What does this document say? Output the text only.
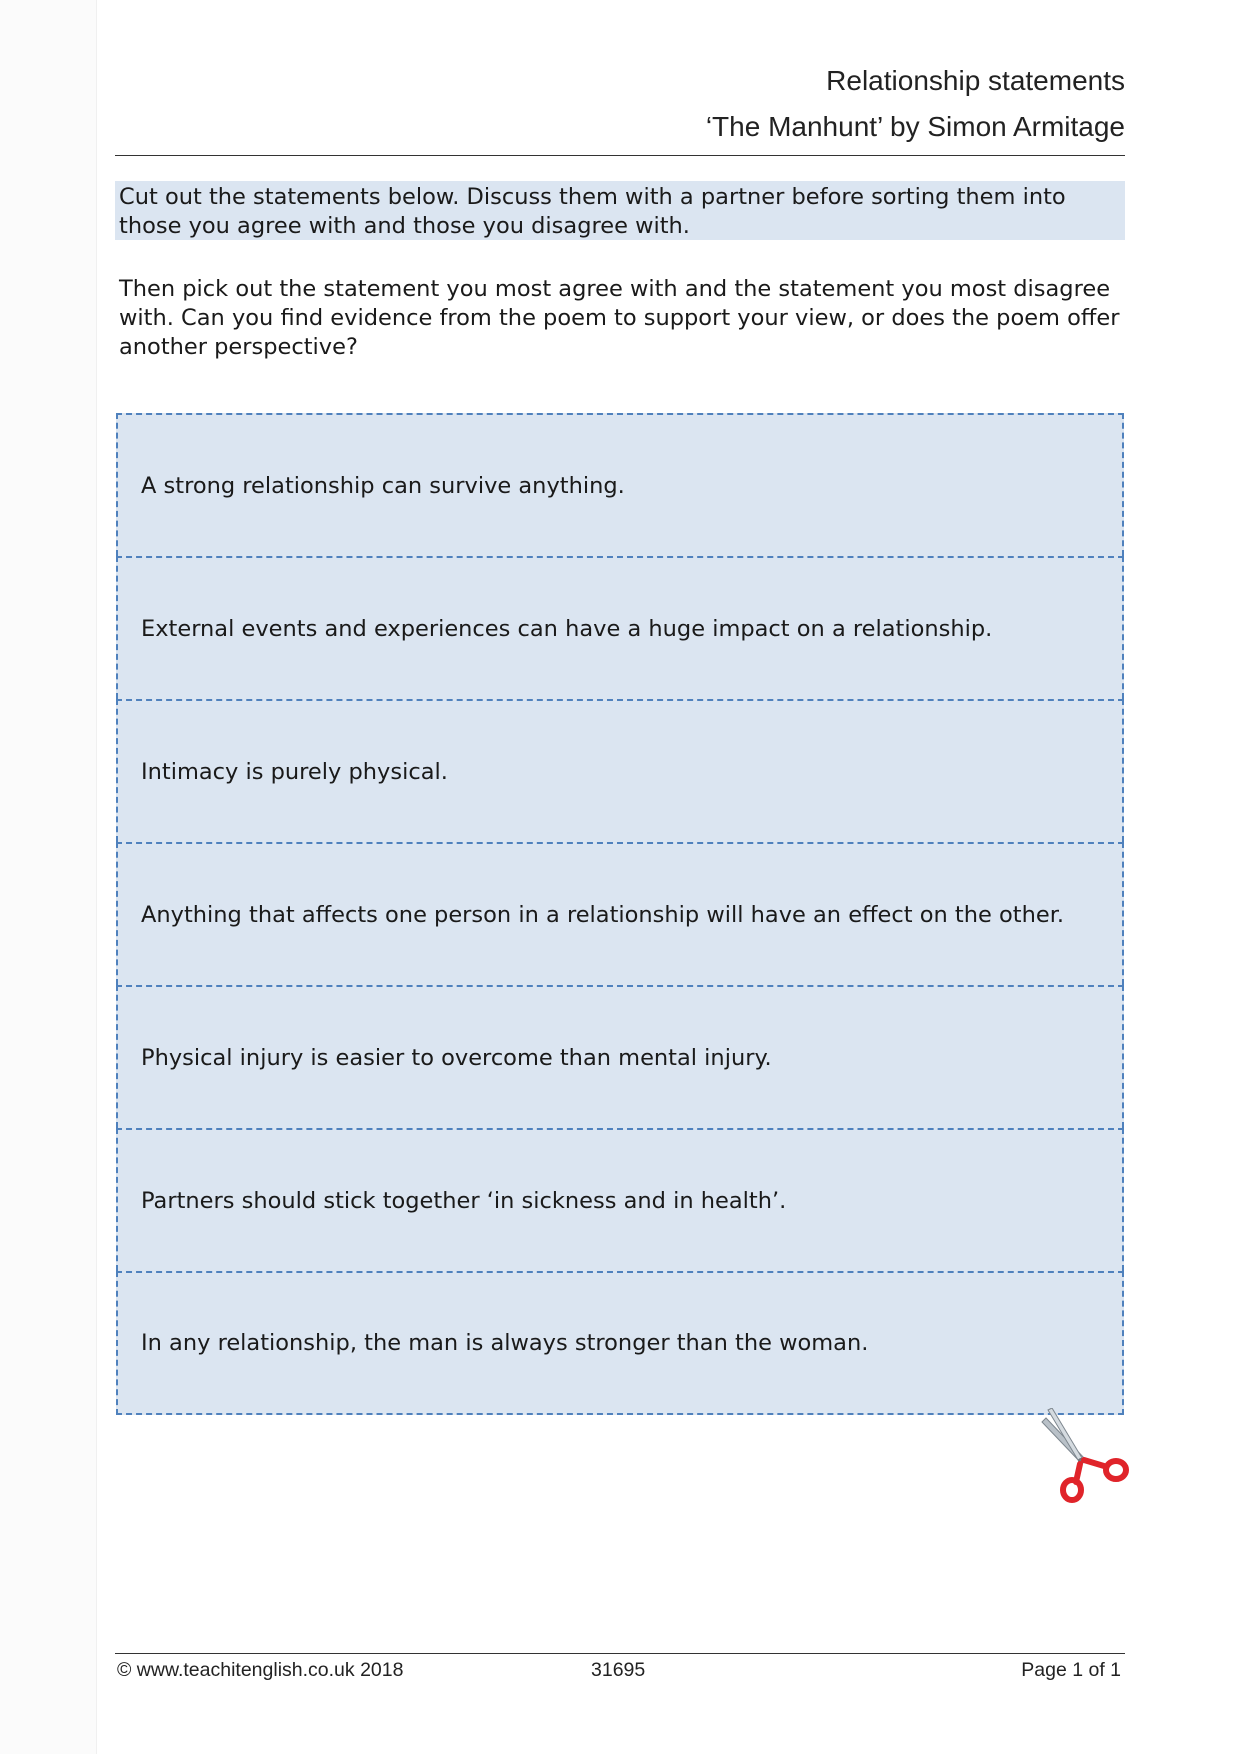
Relationship statements
‘The Manhunt’ by Simon Armitage
Cut out the statements below. Discuss them with a partner before sorting them into those you agree with and those you disagree with.
Then pick out the statement you most agree with and the statement you most disagree with. Can you find evidence from the poem to support your view, or does the poem offer another perspective?
A strong relationship can survive anything.
External events and experiences can have a huge impact on a relationship.
Intimacy is purely physical.
Anything that affects one person in a relationship will have an effect on the other.
Physical injury is easier to overcome than mental injury.
Partners should stick together ‘in sickness and in health’.
In any relationship, the man is always stronger than the woman.
© www.teachitenglish.co.uk 2018	31695	Page 1 of 1
